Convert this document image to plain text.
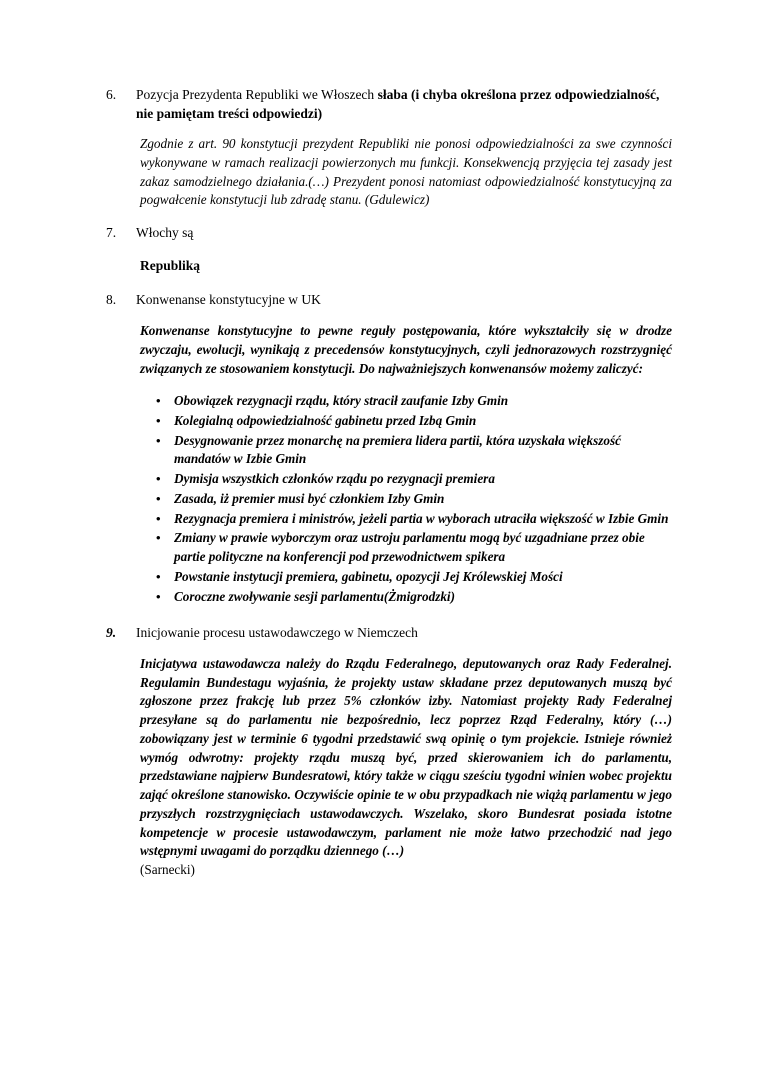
6.	Pozycja Prezydenta Republiki we Włoszech słaba (i chyba określona przez odpowiedzialność, nie pamiętam treści odpowiedzi)
Zgodnie z art. 90 konstytucji prezydent Republiki nie ponosi odpowiedzialności za swe czynności wykonywane w ramach realizacji powierzonych mu funkcji. Konsekwencją przyjęcia tej zasady jest zakaz samodzielnego działania.(…) Prezydent ponosi natomiast odpowiedzialność konstytucyjną za pogwałcenie konstytucji lub zdradę stanu. (Gdulewicz)
7.	Włochy są
Republiką
8.	Konwenanse konstytucyjne w UK
Konwenanse konstytucyjne to pewne reguły postępowania, które wykształciły się w drodze zwyczaju, ewolucji, wynikają z precedensów konstytucyjnych, czyli jednorazowych rozstrzygnięć związanych ze stosowaniem konstytucji. Do najważniejszych konwenansów możemy zaliczyć:
• Obowiązek rezygnacji rządu, który stracił zaufanie Izby Gmin
• Kolegialną odpowiedzialność gabinetu przed Izbą Gmin
• Desygnowanie przez monarchę na premiera lidera partii, która uzyskała większość mandatów w Izbie Gmin
• Dymisja wszystkich członków rządu po rezygnacji premiera
• Zasada, iż premier musi być członkiem Izby Gmin
• Rezygnacja premiera i ministrów, jeżeli partia w wyborach utraciła większość w Izbie Gmin
• Zmiany w prawie wyborczym oraz ustroju parlamentu mogą być uzgadniane przez obie partie polityczne na konferencji pod przewodnictwem spikera
• Powstanie instytucji premiera, gabinetu, opozycji Jej Królewskiej Mości
• Coroczne zwoływanie sesji parlamentu(Żmigrodzki)
9.	Inicjowanie procesu ustawodawczego w Niemczech
Inicjatywa ustawodawcza należy do Rządu Federalnego, deputowanych oraz Rady Federalnej. Regulamin Bundestagu wyjaśnia, że projekty ustaw składane przez deputowanych muszą być zgłoszone przez frakcję lub przez 5% członków izby. Natomiast projekty Rady Federalnej przesyłane są do parlamentu nie bezpośrednio, lecz poprzez Rząd Federalny, który (…) zobowiązany jest w terminie 6 tygodni przedstawić swą opinię o tym projekcie. Istnieje również wymóg odwrotny: projekty rządu muszą być, przed skierowaniem ich do parlamentu, przedstawiane najpierw Bundesratowi, który także w ciągu sześciu tygodni winien wobec projektu zająć określone stanowisko. Oczywiście opinie te w obu przypadkach nie wiążą parlamentu w jego przyszłych rozstrzygnięciach ustawodawczych. Wszelako, skoro Bundesrat posiada istotne kompetencje w procesie ustawodawczym, parlament nie może łatwo przechodzić nad jego wstępnymi uwagami do porządku dziennego (…)
(Sarnecki)
